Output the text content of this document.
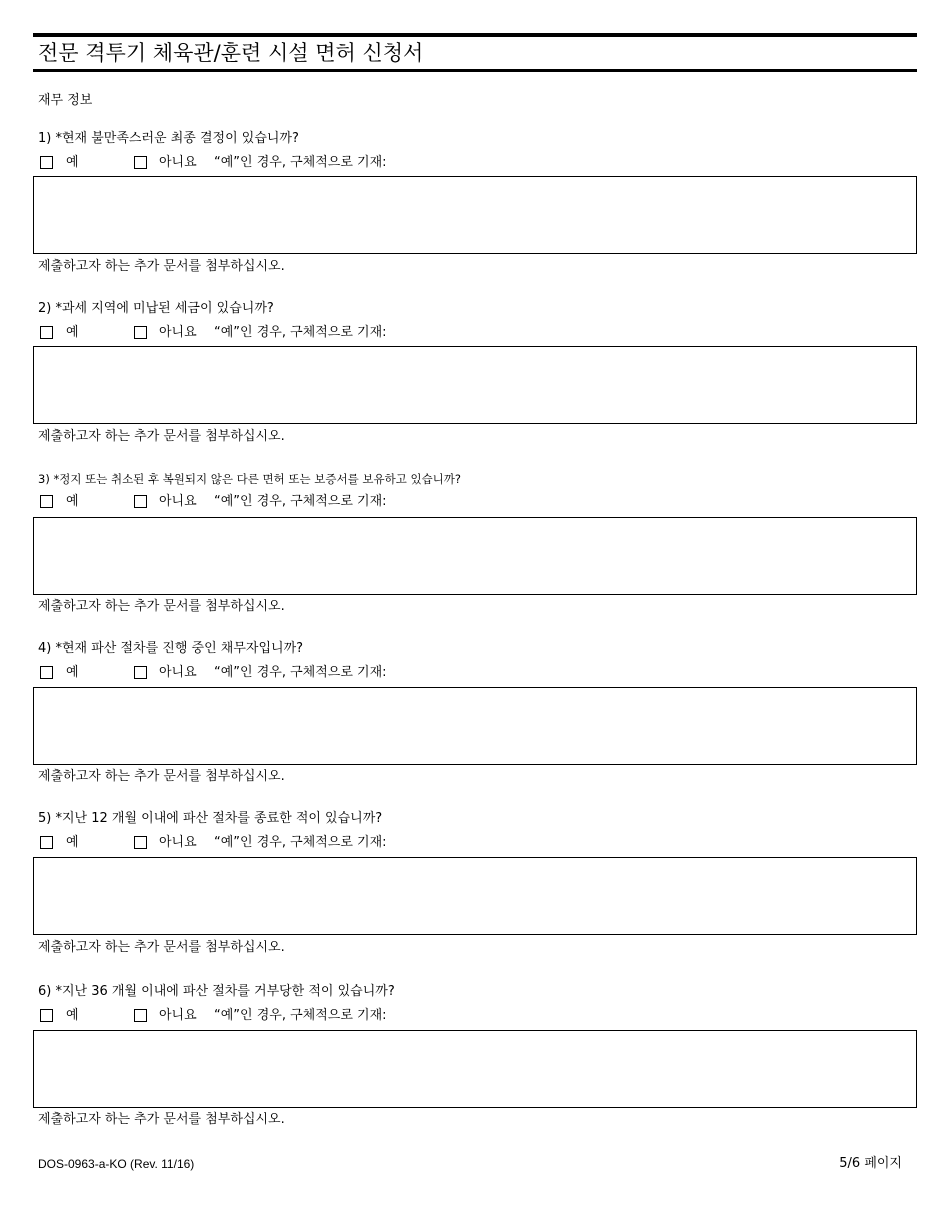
전문 격투기 체육관/훈련 시설 면허 신청서
재무 정보
1) *현재 불만족스러운 최종 결정이 있습니까?
예	아니요 “예”인 경우, 구체적으로 기재:
제출하고자 하는 추가 문서를 첨부하십시오.
2) *과세 지역에 미납된 세금이 있습니까?
예	아니요 “예”인 경우, 구체적으로 기재:
제출하고자 하는 추가 문서를 첨부하십시오.
3) *정지 또는 취소된 후 복원되지 않은 다른 면허 또는 보증서를 보유하고 있습니까?
예	아니요 “예”인 경우, 구체적으로 기재:
제출하고자 하는 추가 문서를 첨부하십시오.
4) *현재 파산 절차를 진행 중인 채무자입니까?
예	아니요 “예”인 경우, 구체적으로 기재:
제출하고자 하는 추가 문서를 첨부하십시오.
5) *지난 12 개월 이내에 파산 절차를 종료한 적이 있습니까?
예	아니요 “예”인 경우, 구체적으로 기재:
제출하고자 하는 추가 문서를 첨부하십시오.
6) *지난 36 개월 이내에 파산 절차를 거부당한 적이 있습니까?
예	아니요 “예”인 경우, 구체적으로 기재:
제출하고자 하는 추가 문서를 첨부하십시오.
DOS-0963-a-KO (Rev. 11/16)	5/6 페이지
